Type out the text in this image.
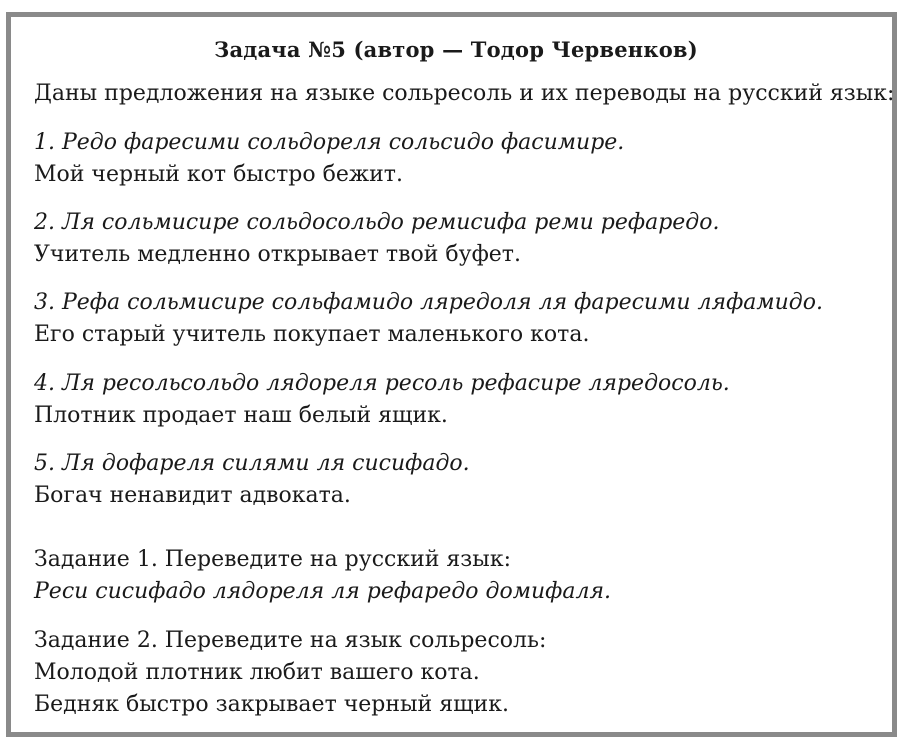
Задача №5 (автор — Тодор Червенков)
Даны предложения на языке сольресоль и их переводы на русский язык:
1. Редо фаресими сольдореля сольсидо фасимире.
Мой черный кот быстро бежит.
2. Ля сольмисире сольдосольдо ремисифа реми рефаредо.
Учитель медленно открывает твой буфет.
3. Рефа сольмисире сольфамидо ляредоля ля фаресими ляфамидо.
Его старый учитель покупает маленького кота.
4. Ля ресольсольдо лядореля ресоль рефасире ляредосоль.
Плотник продает наш белый ящик.
5. Ля дофареля силями ля сисифадо.
Богач ненавидит адвоката.
Задание 1. Переведите на русский язык:
Реси сисифадо лядореля ля рефаредо домифаля.
Задание 2. Переведите на язык сольресоль:
Молодой плотник любит вашего кота.
Бедняк быстро закрывает черный ящик.
